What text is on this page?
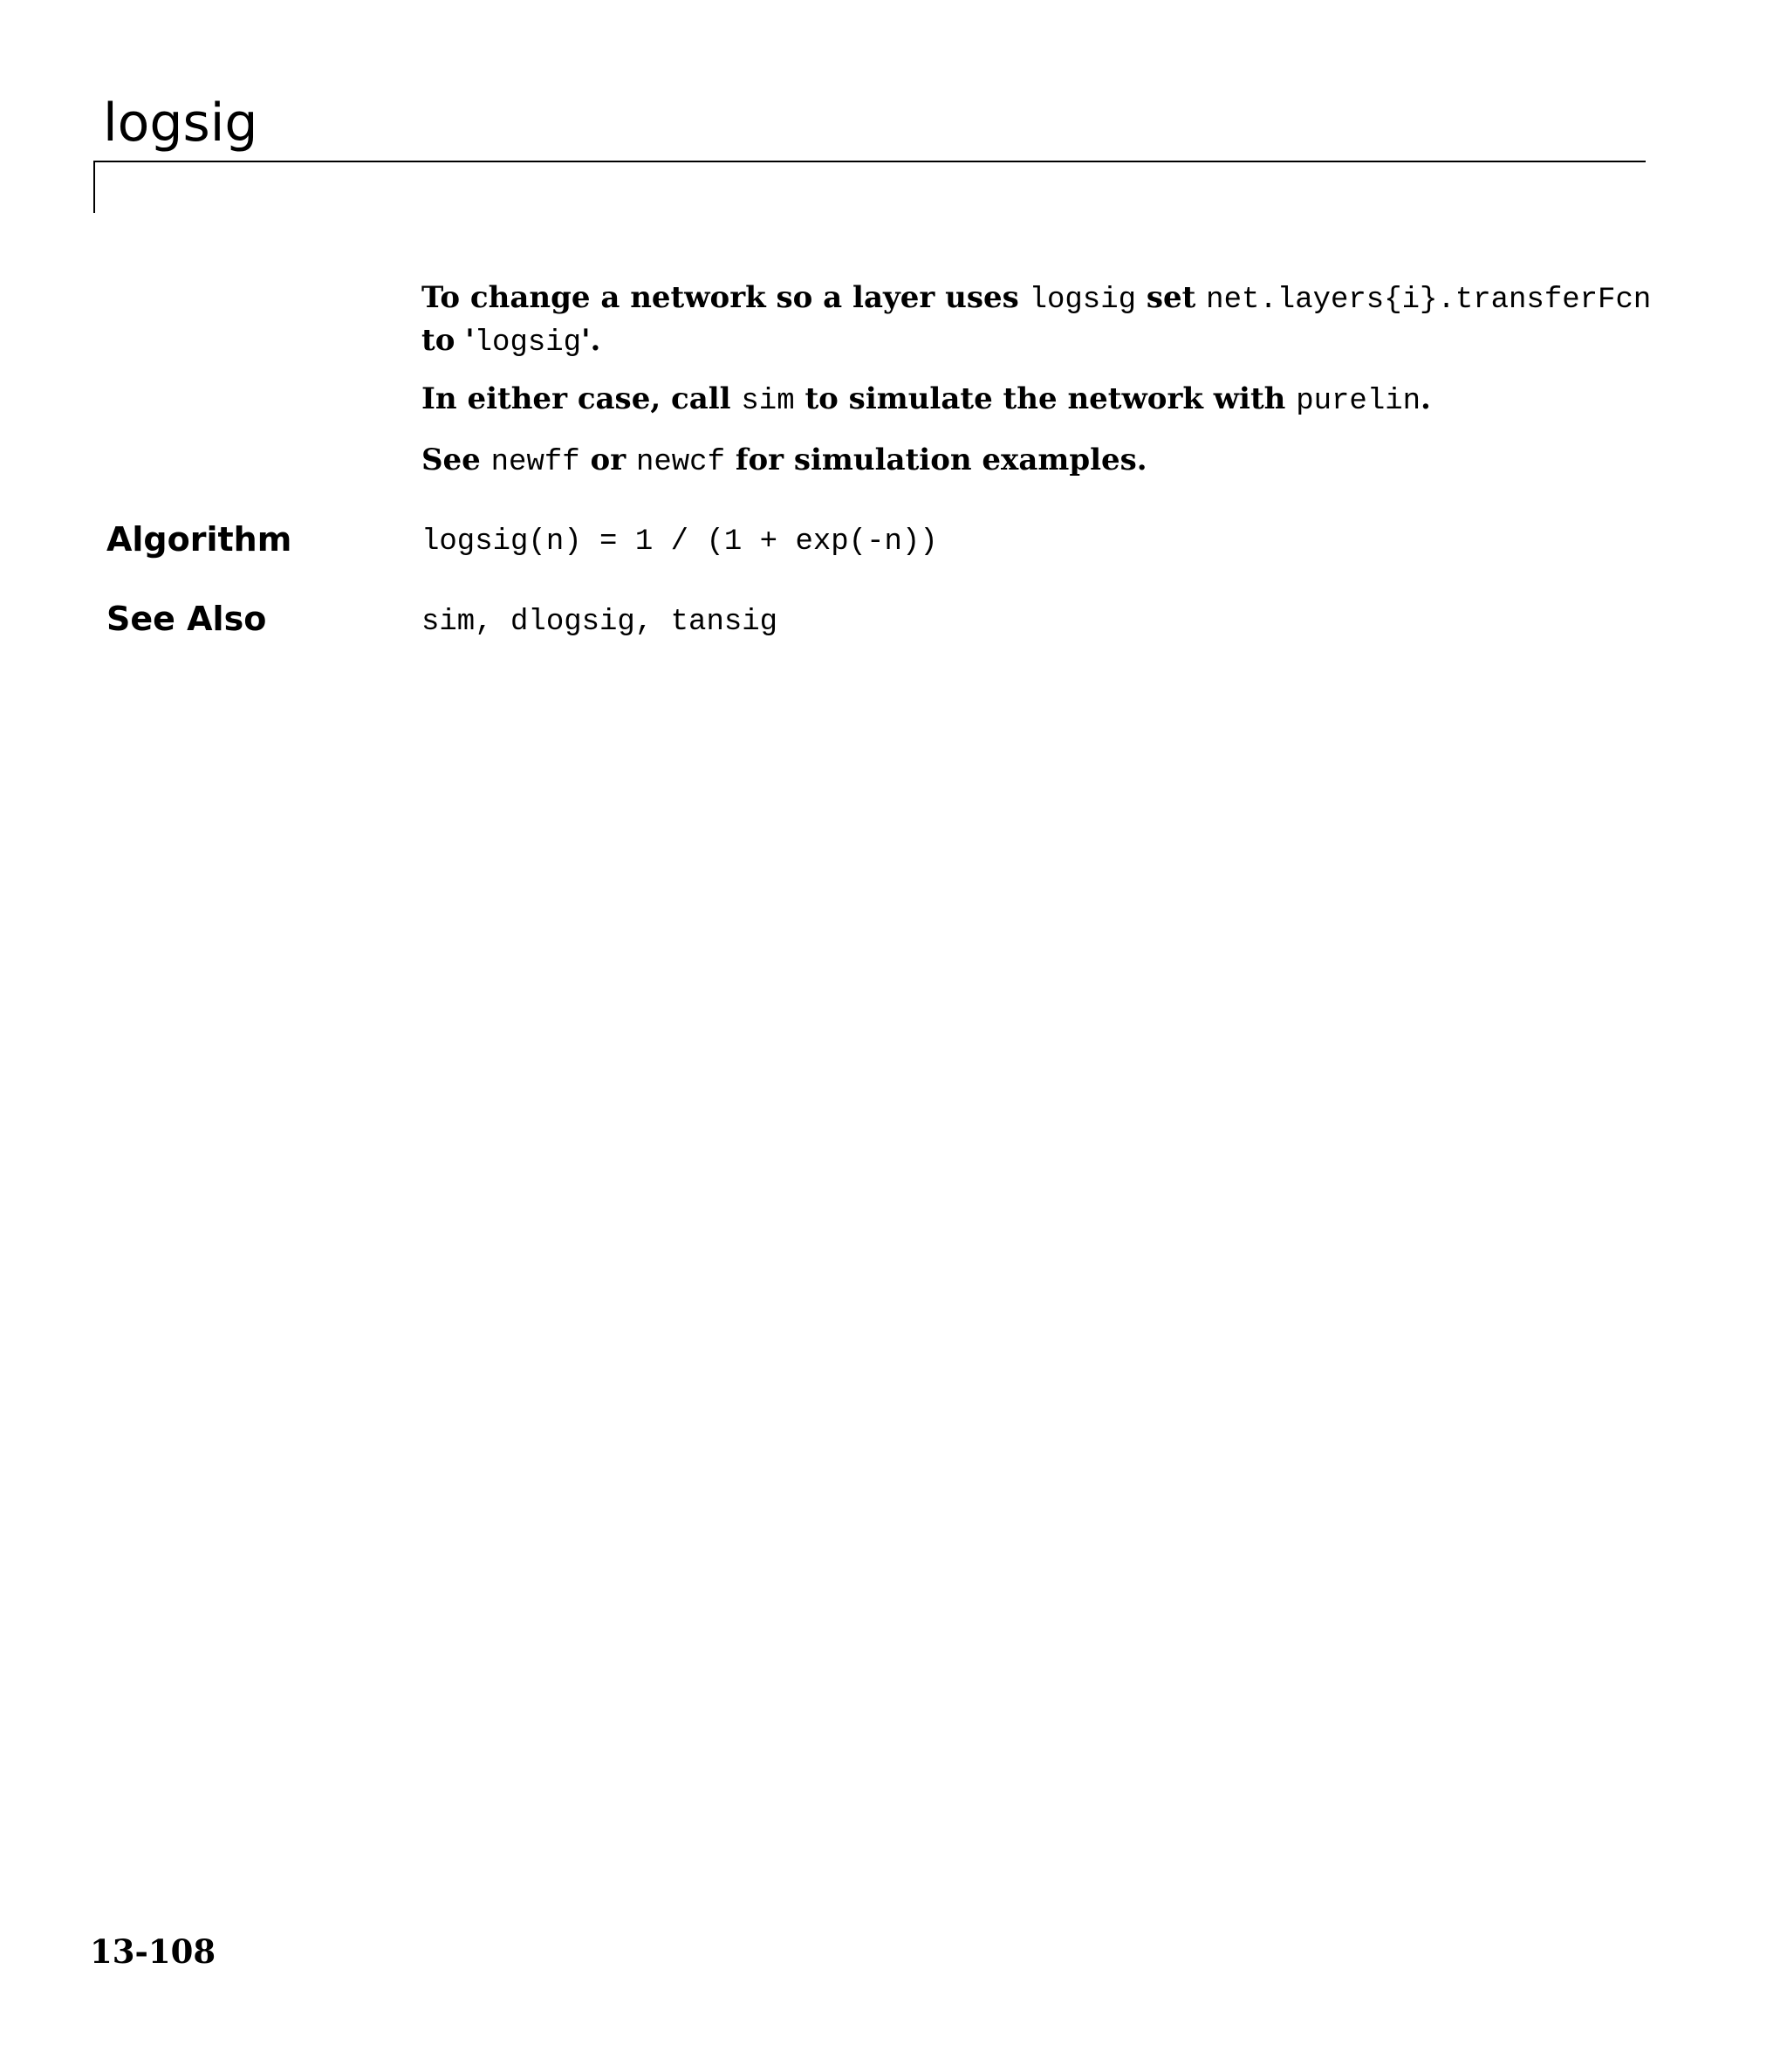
logsig

To change a network so a layer uses logsig set net.layers{i}.transferFcn
to 'logsig'.

In either case, call sim to simulate the network with purelin.

See newff or newcf for simulation examples.

Algorithm	logsig(n) = 1 / (1 + exp(-n))
See Also	sim, dlogsig, tansig
13-108
